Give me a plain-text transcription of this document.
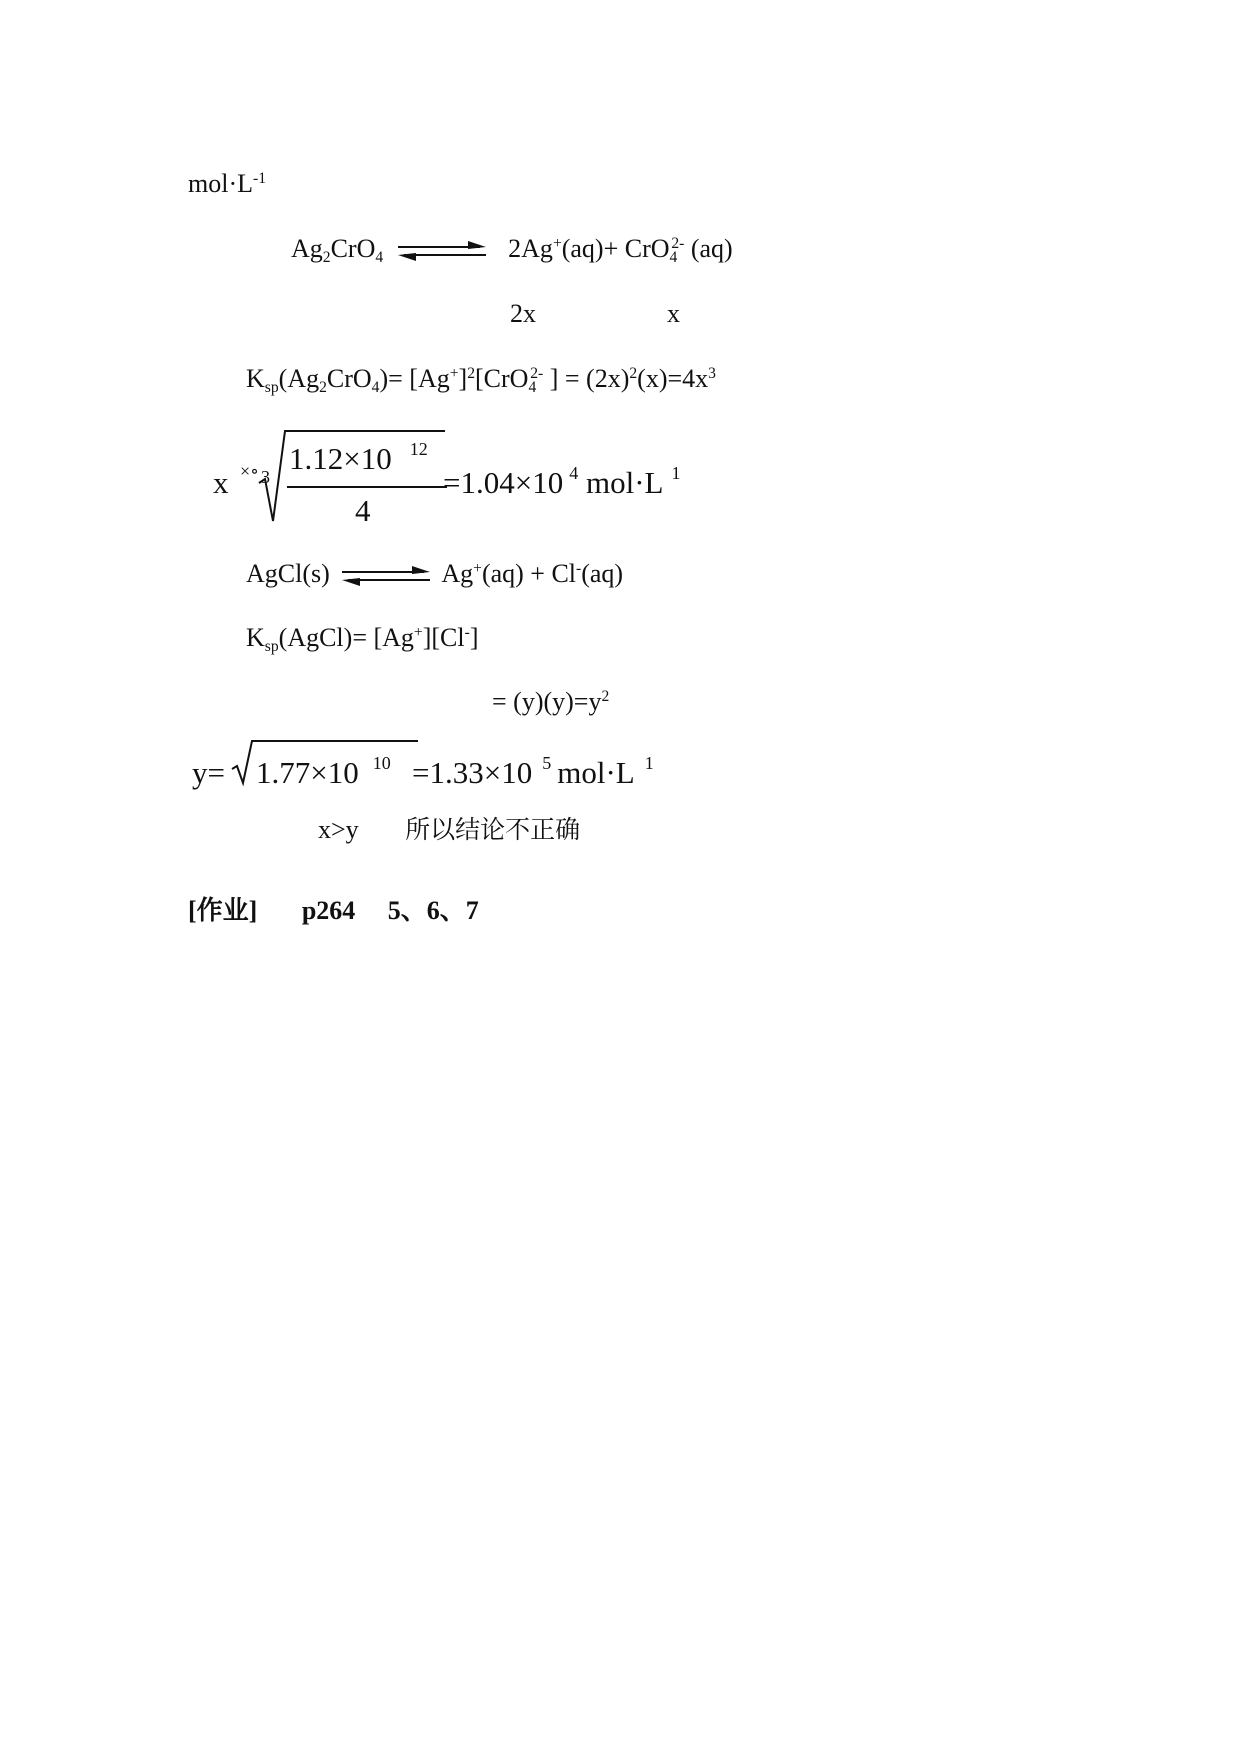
$mol\cdot L^{-1}$
$Ag_2CrO_4$ ⇌ 2Ag+(aq)+ CrO$_4^{2-}$ (aq)
2x	x
$K_{sp}(Ag_2CrO_4)= [Ag^+]^2[CrO_4^{2-}$ ] = $(2x)^2(x)=4x^3$
x ×∘ 3
1.12×10 $^{12}$
4
=1.04×10 $^4$ mol·L $^1$
AgCl(s) ⇌ Ag+(aq) + Cl-(aq)
$K_{sp}(AgCl)= [Ag^+][Cl^-]$
= $(y)(y)=y^2$
y= 1.77×10 $^{10}$ =1.33×10 $^5$ mol·L $^1$
x>y 所以结论不正确
[作业] p264 5、6、7
